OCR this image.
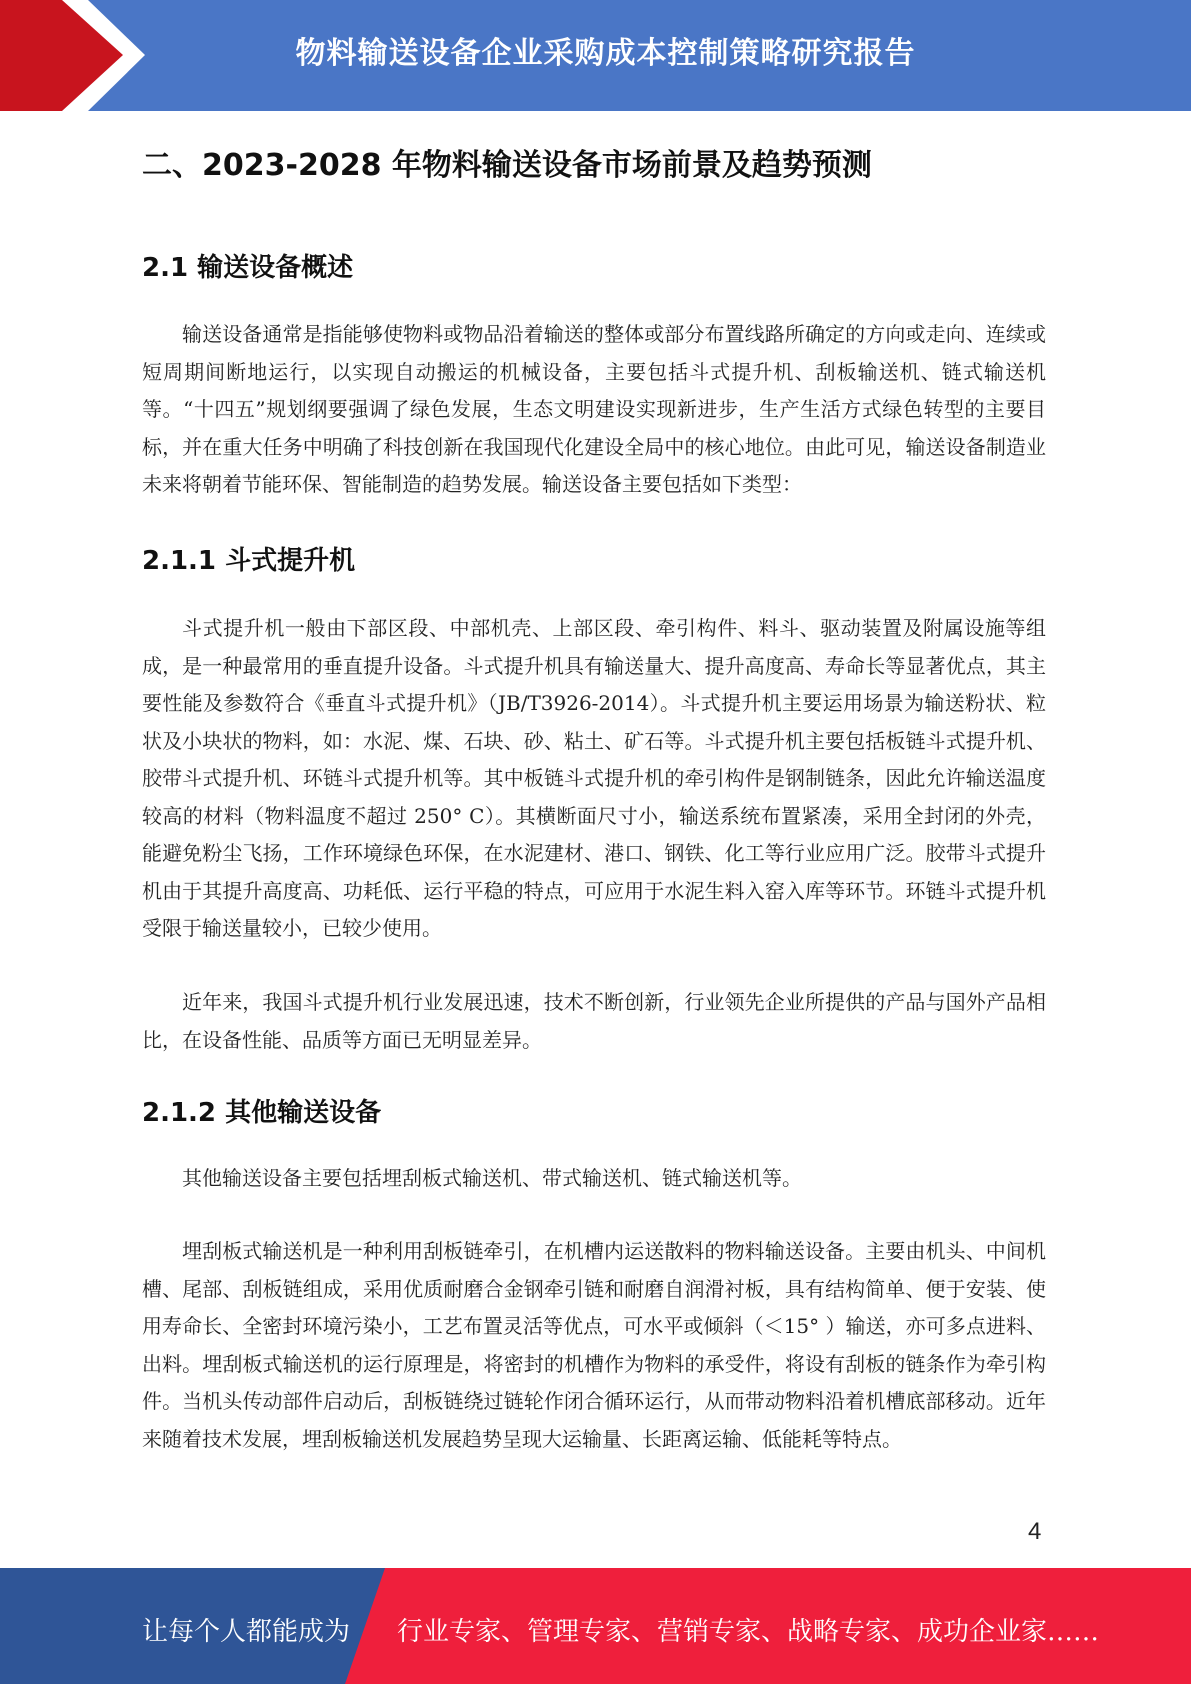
物料输送设备企业采购成本控制策略研究报告
二、2023-2028 年物料输送设备市场前景及趋势预测
2.1 输送设备概述

输送设备通常是指能够使物料或物品沿着输送的整体或部分布置线路所确定的方向或走向、连续或短周期间断地运行，以实现自动搬运的机械设备，主要包括斗式提升机、刮板输送机、链式输送机等。“十四五”规划纲要强调了绿色发展，生态文明建设实现新进步，生产生活方式绿色转型的主要目标，并在重大任务中明确了科技创新在我国现代化建设全局中的核心地位。由此可见，输送设备制造业未来将朝着节能环保、智能制造的趋势发展。输送设备主要包括如下类型：

2.1.1 斗式提升机

斗式提升机一般由下部区段、中部机壳、上部区段、牵引构件、料斗、驱动装置及附属设施等组成，是一种最常用的垂直提升设备。斗式提升机具有输送量大、提升高度高、寿命长等显著优点，其主要性能及参数符合《垂直斗式提升机》（JB/T3926-2014）。斗式提升机主要运用场景为输送粉状、粒状及小块状的物料，如：水泥、煤、石块、砂、粘土、矿石等。斗式提升机主要包括板链斗式提升机、胶带斗式提升机、环链斗式提升机等。其中板链斗式提升机的牵引构件是钢制链条，因此允许输送温度较高的材料（物料温度不超过 250° C）。其横断面尺寸小，输送系统布置紧凑，采用全封闭的外壳，能避免粉尘飞扬，工作环境绿色环保，在水泥建材、港口、钢铁、化工等行业应用广泛。胶带斗式提升机由于其提升高度高、功耗低、运行平稳的特点，可应用于水泥生料入窑入库等环节。环链斗式提升机受限于输送量较小，已较少使用。

近年来，我国斗式提升机行业发展迅速，技术不断创新，行业领先企业所提供的产品与国外产品相比，在设备性能、品质等方面已无明显差异。

2.1.2 其他输送设备

其他输送设备主要包括埋刮板式输送机、带式输送机、链式输送机等。

埋刮板式输送机是一种利用刮板链牵引，在机槽内运送散料的物料输送设备。主要由机头、中间机槽、尾部、刮板链组成，采用优质耐磨合金钢牵引链和耐磨自润滑衬板，具有结构简单、便于安装、使用寿命长、全密封环境污染小，工艺布置灵活等优点，可水平或倾斜（＜15° ）输送，亦可多点进料、出料。埋刮板式输送机的运行原理是，将密封的机槽作为物料的承受件，将设有刮板的链条作为牵引构件。当机头传动部件启动后，刮板链绕过链轮作闭合循环运行，从而带动物料沿着机槽底部移动。近年来随着技术发展，埋刮板输送机发展趋势呈现大运输量、长距离运输、低能耗等特点。

4
让每个人都能成为 行业专家、管理专家、营销专家、战略专家、成功企业家……
